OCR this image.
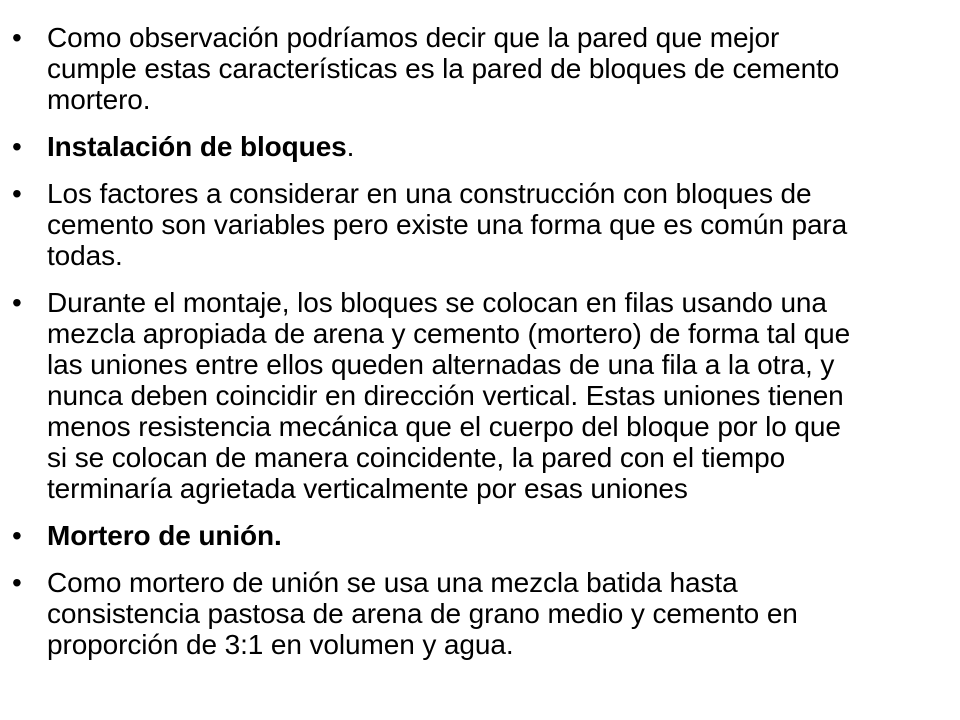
• Como observación podríamos decir que la pared que mejor cumple estas características es la pared de bloques de cemento mortero.
• Instalación de bloques.
• Los factores a considerar en una construcción con bloques de cemento son variables pero existe una forma que es común para todas.
• Durante el montaje, los bloques se colocan en filas usando una mezcla apropiada de arena y cemento (mortero) de forma tal que las uniones entre ellos queden alternadas de una fila a la otra, y nunca deben coincidir en dirección vertical. Estas uniones tienen menos resistencia mecánica que el cuerpo del bloque por lo que si se colocan de manera coincidente, la pared con el tiempo terminaría agrietada verticalmente por esas uniones
• Mortero de unión.
• Como mortero de unión se usa una mezcla batida hasta consistencia pastosa de arena de grano medio y cemento en proporción de 3:1 en volumen y agua.
